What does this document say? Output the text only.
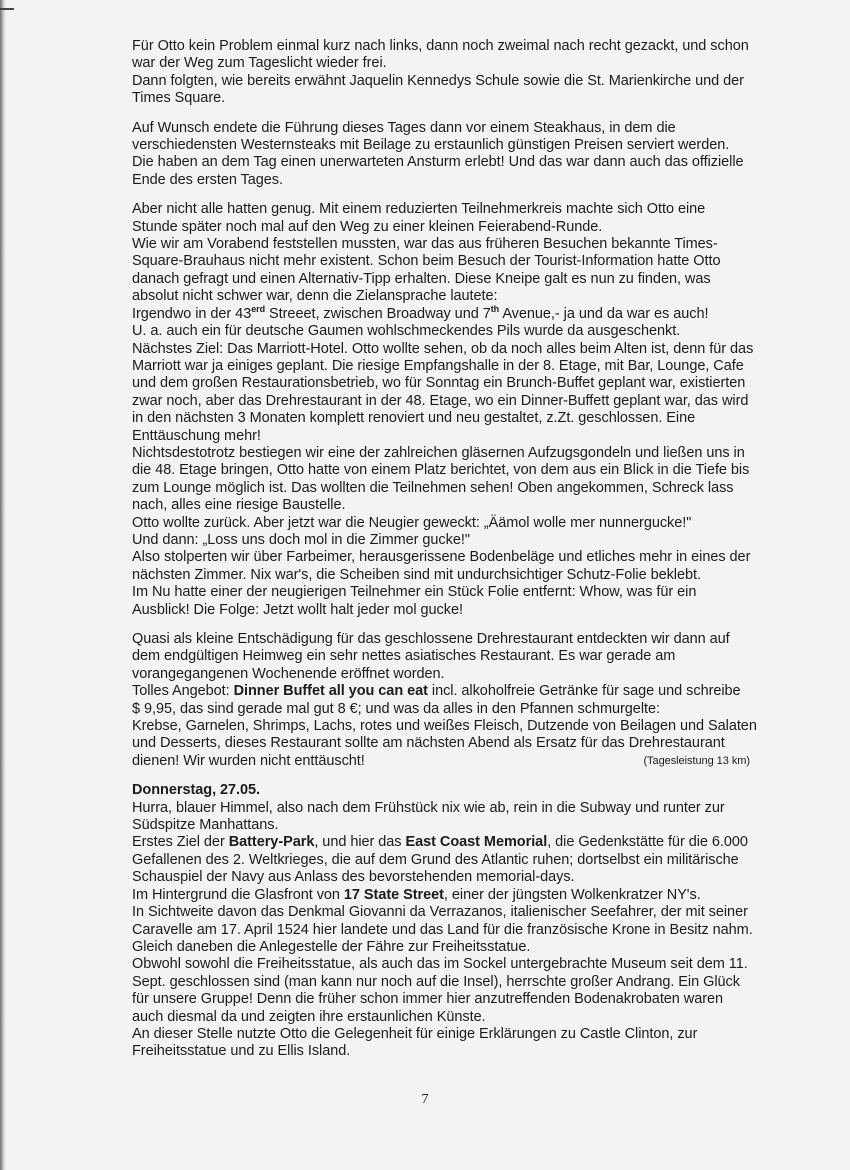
Für Otto kein Problem einmal kurz nach links, dann noch zweimal nach recht gezackt, und schon
war der Weg zum Tageslicht wieder frei.
Dann folgten, wie bereits erwähnt Jaquelin Kennedys Schule sowie die St. Marienkirche und der
Times Square.
Auf Wunsch endete die Führung dieses Tages dann vor einem Steakhaus, in dem die
verschiedensten Westernsteaks mit Beilage zu erstaunlich günstigen Preisen serviert werden.
Die haben an dem Tag einen unerwarteten Ansturm erlebt! Und das war dann auch das offizielle
Ende des ersten Tages.
Aber nicht alle hatten genug. Mit einem reduzierten Teilnehmerkreis machte sich Otto eine
Stunde später noch mal auf den Weg zu einer kleinen Feierabend-Runde.
Wie wir am Vorabend feststellen mussten, war das aus früheren Besuchen bekannte Times-
Square-Brauhaus nicht mehr existent. Schon beim Besuch der Tourist-Information hatte Otto
danach gefragt und einen Alternativ-Tipp erhalten. Diese Kneipe galt es nun zu finden, was
absolut nicht schwer war, denn die Zielansprache lautete:
Irgendwo in der $43^{erd}$ Streeet, zwischen Broadway und 7th Avenue,- ja und da war es auch!
U. a. auch ein für deutsche Gaumen wohlschmeckendes Pils wurde da ausgeschenkt.
Nächstes Ziel: Das Marriott-Hotel. Otto wollte sehen, ob da noch alles beim Alten ist, denn für das
Marriott war ja einiges geplant. Die riesige Empfangshalle in der 8. Etage, mit Bar, Lounge, Cafe
und dem großen Restaurationsbetrieb, wo für Sonntag ein Brunch-Buffet geplant war, existierten
zwar noch, aber das Drehrestaurant in der 48. Etage, wo ein Dinner-Buffett geplant war, das wird
in den nächsten 3 Monaten komplett renoviert und neu gestaltet, z.Zt. geschlossen. Eine
Enttäuschung mehr!
Nichtsdestotrotz bestiegen wir eine der zahlreichen gläsernen Aufzugsgondeln und ließen uns in
die 48. Etage bringen, Otto hatte von einem Platz berichtet, von dem aus ein Blick in die Tiefe bis
zum Lounge möglich ist. Das wollten die Teilnehmen sehen! Oben angekommen, Schreck lass
nach, alles eine riesige Baustelle.
Otto wollte zurück. Aber jetzt war die Neugier geweckt: „Äämol wolle mer nunnergucke!"
Und dann: „Loss uns doch mol in die Zimmer gucke!"
Also stolperten wir über Farbeimer, herausgerissene Bodenbeläge und etliches mehr in eines der
nächsten Zimmer. Nix war's, die Scheiben sind mit undurchsichtiger Schutz-Folie beklebt.
Im Nu hatte einer der neugierigen Teilnehmer ein Stück Folie entfernt: Whow, was für ein
Ausblick! Die Folge: Jetzt wollt halt jeder mol gucke!
Quasi als kleine Entschädigung für das geschlossene Drehrestaurant entdeckten wir dann auf
dem endgültigen Heimweg ein sehr nettes asiatisches Restaurant. Es war gerade am
vorangegangenen Wochenende eröffnet worden.
Tolles Angebot: Dinner Buffet all you can eat incl. alkoholfreie Getränke für sage und schreibe
$ 9,95, das sind gerade mal gut 8 €; und was da alles in den Pfannen schmurgelte:
Krebse, Garnelen, Shrimps, Lachs, rotes und weißes Fleisch, Dutzende von Beilagen und Salaten
und Desserts, dieses Restaurant sollte am nächsten Abend als Ersatz für das Drehrestaurant
dienen! Wir wurden nicht enttäuscht!	(Tagesleistung 13 km)
Donnerstag, 27.05.
Hurra, blauer Himmel, also nach dem Frühstück nix wie ab, rein in die Subway und runter zur
Südspitze Manhattans.
Erstes Ziel der Battery-Park, und hier das East Coast Memorial, die Gedenkstätte für die 6.000
Gefallenen des 2. Weltkrieges, die auf dem Grund des Atlantic ruhen; dortselbst ein militärische
Schauspiel der Navy aus Anlass des bevorstehenden memorial-days.
Im Hintergrund die Glasfront von 17 State Street, einer der jüngsten Wolkenkratzer NY's.
In Sichtweite davon das Denkmal Giovanni da Verrazanos, italienischer Seefahrer, der mit seiner
Caravelle am 17. April 1524 hier landete und das Land für die französische Krone in Besitz nahm.
Gleich daneben die Anlegestelle der Fähre zur Freiheitsstatue.
Obwohl sowohl die Freiheitsstatue, als auch das im Sockel untergebrachte Museum seit dem 11.
Sept. geschlossen sind (man kann nur noch auf die Insel), herrschte großer Andrang. Ein Glück
für unsere Gruppe! Denn die früher schon immer hier anzutreffenden Bodenakrobaten waren
auch diesmal da und zeigten ihre erstaunlichen Künste.
An dieser Stelle nutzte Otto die Gelegenheit für einige Erklärungen zu Castle Clinton, zur
Freiheitsstatue und zu Ellis Island.
7
